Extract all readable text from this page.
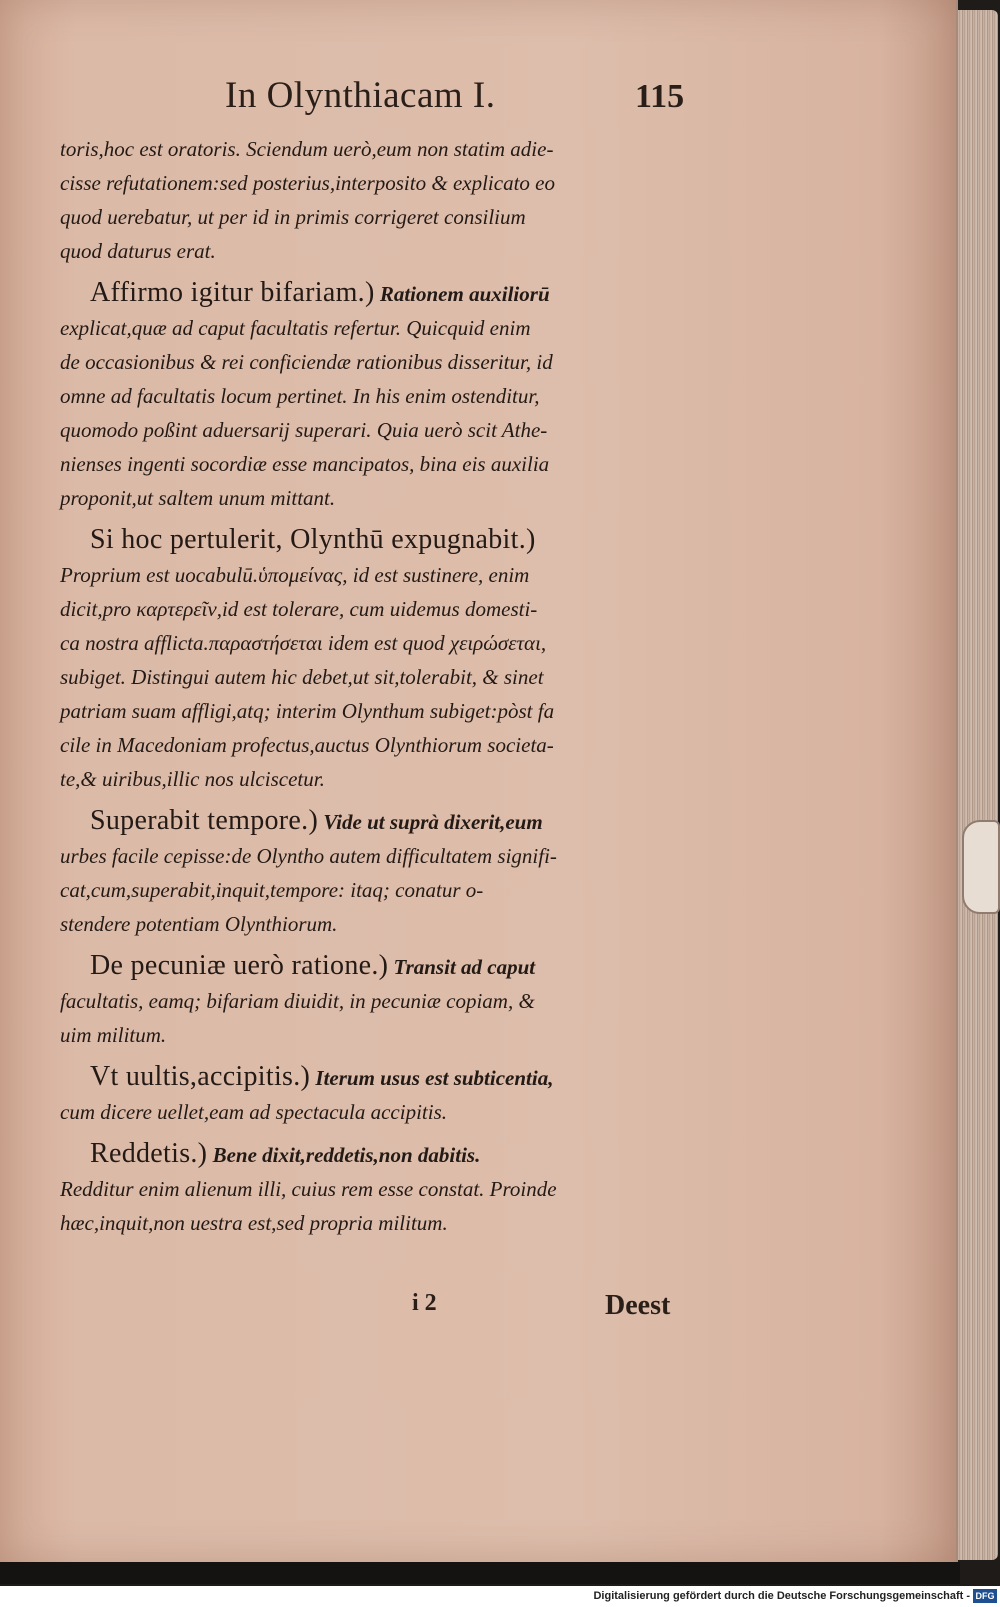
In Olynthiacam I.	115
toris,hoc est oratoris. Sciendum uerò,eum non statim adie-
cisse refutationem:sed posterius,interposito & explicato eo
quod uerebatur, ut per id in primis corrigeret consilium
quod daturus erat.
Affirmo igitur bifariam.) Rationem auxiliorū
explicat,quæ ad caput facultatis refertur. Quicquid enim
de occasionibus & rei conficiendæ rationibus disseritur, id
omne ad facultatis locum pertinet. In his enim ostenditur,
quomodo poßint aduersarij superari. Quia uerò scit Athe-
nienses ingenti socordiæ esse mancipatos, bina eis auxilia
proponit,ut saltem unum mittant.
Si hoc pertulerit, Olynthū expugnabit.)
Proprium est uocabulū.ὑπομείνας, id est sustinere, enim
dicit,pro καρτερεῖν,id est tolerare, cum uidemus domesti-
ca nostra afflicta.παραστήσεται idem est quod χειρώσεται,
subiget. Distingui autem hic debet,ut sit,tolerabit, & sinet
patriam suam affligi,atq; interim Olynthum subiget:pòst fa
cile in Macedoniam profectus,auctus Olynthiorum societa-
te,& uiribus,illic nos ulciscetur.
Superabit tempore.) Vide ut suprà dixerit,eum
urbes facile cepisse:de Olyntho autem difficultatem signifi-
cat,cum,superabit,inquit,tempore: itaq; conatur o-
stendere potentiam Olynthiorum.
De pecuniæ uerò ratione.) Transit ad caput
facultatis, eamq; bifariam diuidit, in pecuniæ copiam, &
uim militum.
Vt uultis,accipitis.) Iterum usus est subticentia,
cum dicere uellet,eam ad spectacula accipitis.
Reddetis.) Bene dixit,reddetis,non dabitis.
Redditur enim alienum illi, cuius rem esse constat. Proinde
hæc,inquit,non uestra est,sed propria militum.
i 2	Deest
Digitalisierung gefördert durch die Deutsche Forschungsgemeinschaft - DFG
